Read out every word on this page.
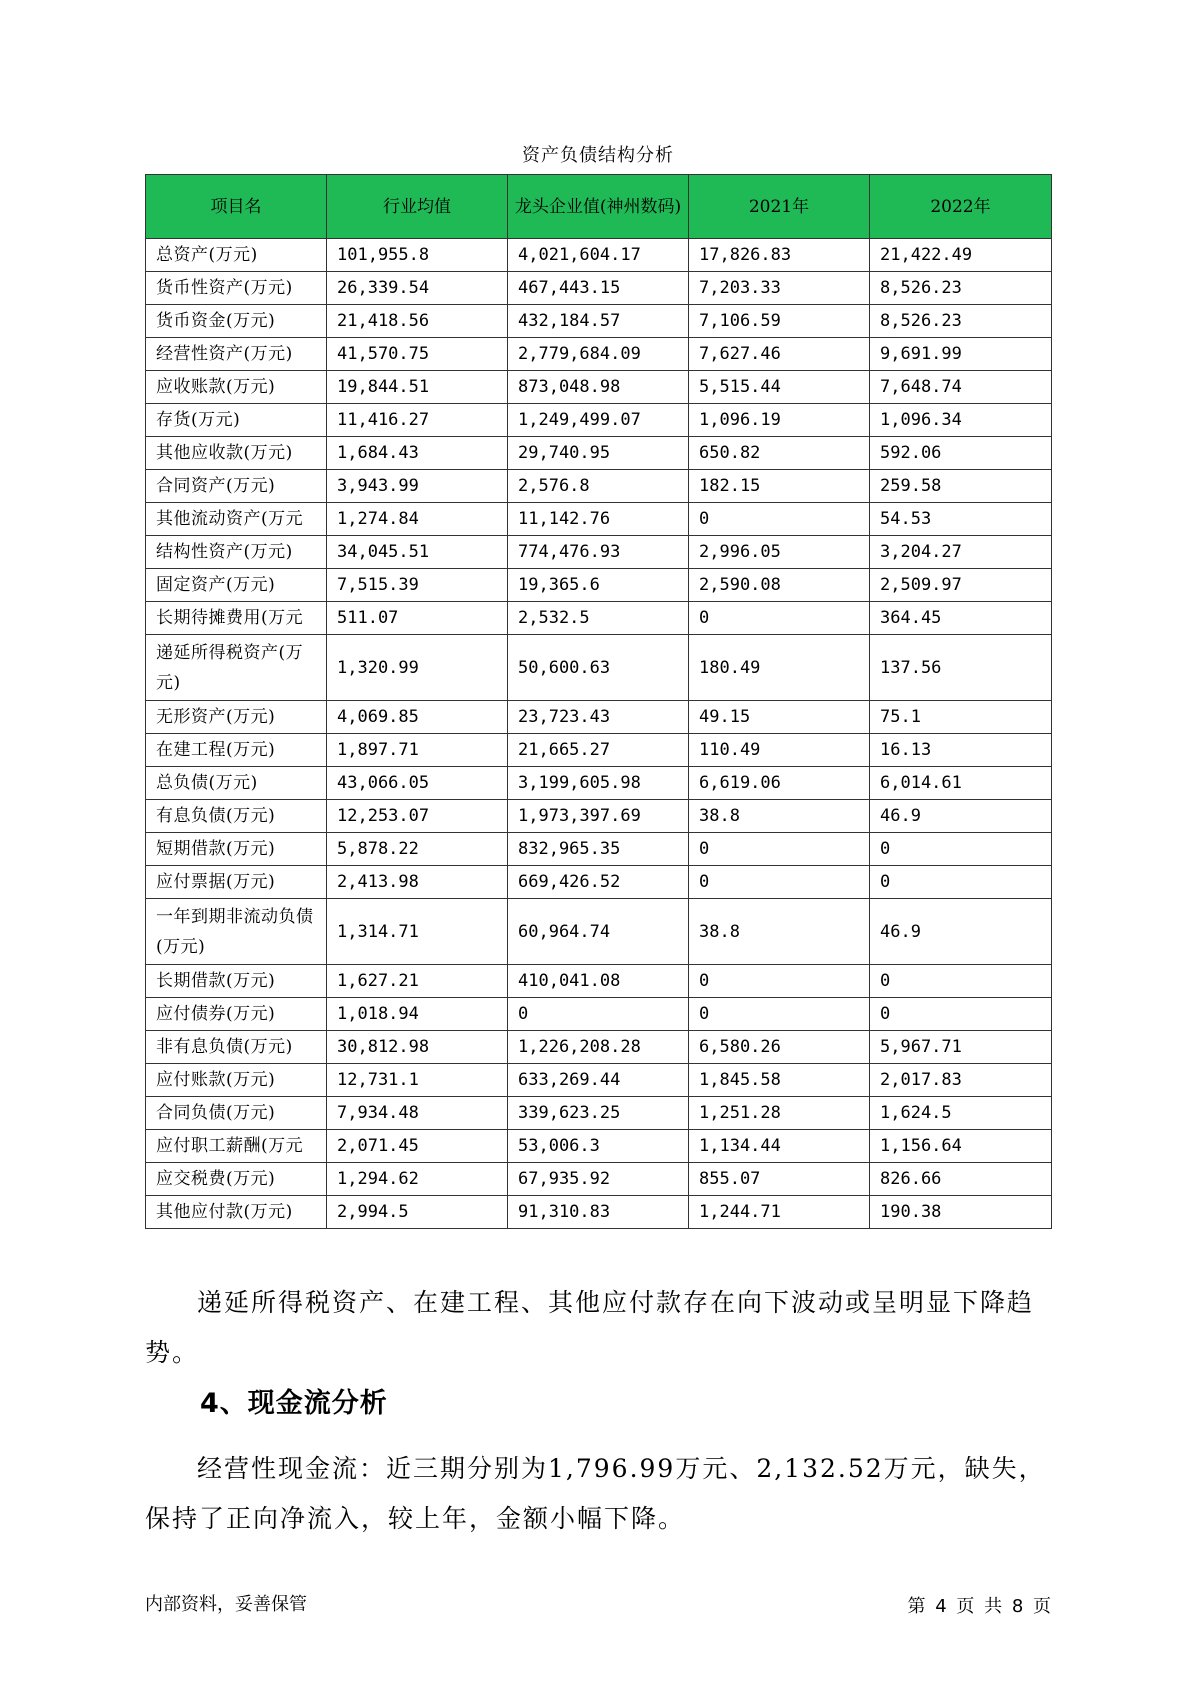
资产负债结构分析
项目名	行业均值	龙头企业值(神州数码)	2021年	2022年
总资产(万元)	101,955.8	4,021,604.17	17,826.83	21,422.49
货币性资产(万元)	26,339.54	467,443.15	7,203.33	8,526.23
货币资金(万元)	21,418.56	432,184.57	7,106.59	8,526.23
经营性资产(万元)	41,570.75	2,779,684.09	7,627.46	9,691.99
应收账款(万元)	19,844.51	873,048.98	5,515.44	7,648.74
存货(万元)	11,416.27	1,249,499.07	1,096.19	1,096.34
其他应收款(万元)	1,684.43	29,740.95	650.82	592.06
合同资产(万元)	3,943.99	2,576.8	182.15	259.58
其他流动资产(万元	1,274.84	11,142.76	0	54.53
结构性资产(万元)	34,045.51	774,476.93	2,996.05	3,204.27
固定资产(万元)	7,515.39	19,365.6	2,590.08	2,509.97
长期待摊费用(万元	511.07	2,532.5	0	364.45
递延所得税资产(万元)	1,320.99	50,600.63	180.49	137.56
无形资产(万元)	4,069.85	23,723.43	49.15	75.1
在建工程(万元)	1,897.71	21,665.27	110.49	16.13
总负债(万元)	43,066.05	3,199,605.98	6,619.06	6,014.61
有息负债(万元)	12,253.07	1,973,397.69	38.8	46.9
短期借款(万元)	5,878.22	832,965.35	0	0
应付票据(万元)	2,413.98	669,426.52	0	0
一年到期非流动负债(万元)	1,314.71	60,964.74	38.8	46.9
长期借款(万元)	1,627.21	410,041.08	0	0
应付债券(万元)	1,018.94	0	0	0
非有息负债(万元)	30,812.98	1,226,208.28	6,580.26	5,967.71
应付账款(万元)	12,731.1	633,269.44	1,845.58	2,017.83
合同负债(万元)	7,934.48	339,623.25	1,251.28	1,624.5
应付职工薪酬(万元	2,071.45	53,006.3	1,134.44	1,156.64
应交税费(万元)	1,294.62	67,935.92	855.07	826.66
其他应付款(万元)	2,994.5	91,310.83	1,244.71	190.38

递延所得税资产、在建工程、其他应付款存在向下波动或呈明显下降趋势。

4、现金流分析

经营性现金流：近三期分别为1,796.99万元、2,132.52万元，缺失，保持了正向净流入，较上年，金额小幅下降。

内部资料，妥善保管	第 4 页 共 8 页
